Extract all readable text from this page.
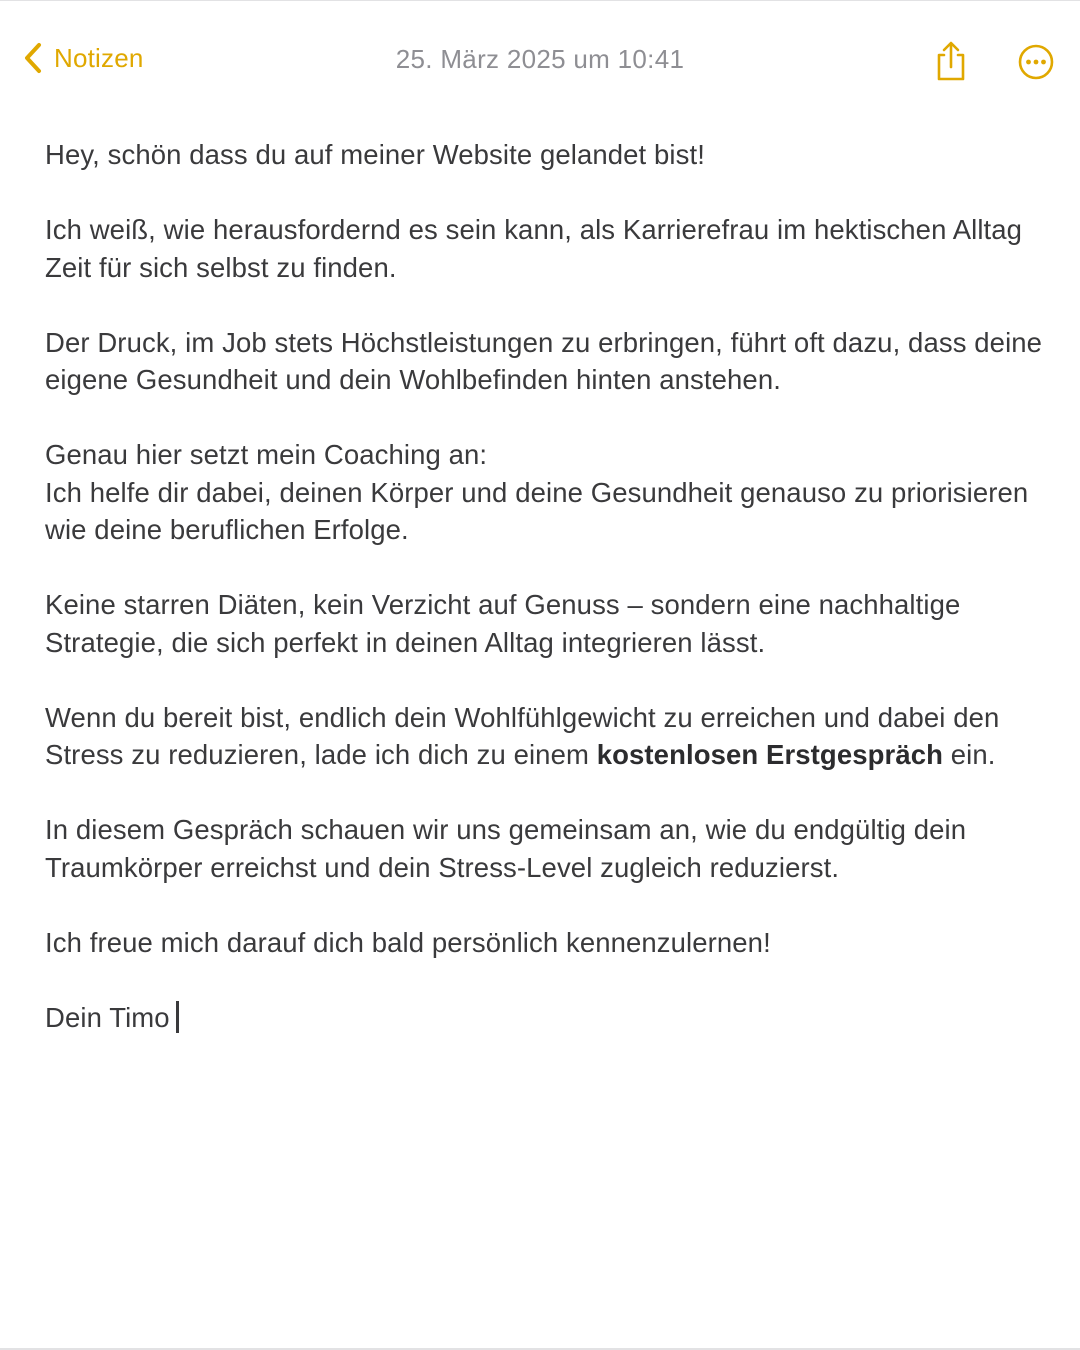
Notizen	25. März 2025 um 10:41

Hey, schön dass du auf meiner Website gelandet bist!

Ich weiß, wie herausfordernd es sein kann, als Karrierefrau im hektischen Alltag Zeit für sich selbst zu finden.

Der Druck, im Job stets Höchstleistungen zu erbringen, führt oft dazu, dass deine eigene Gesundheit und dein Wohlbefinden hinten anstehen.

Genau hier setzt mein Coaching an:

Ich helfe dir dabei, deinen Körper und deine Gesundheit genauso zu priorisieren wie deine beruflichen Erfolge.

Keine starren Diäten, kein Verzicht auf Genuss – sondern eine nachhaltige Strategie, die sich perfekt in deinen Alltag integrieren lässt.

Wenn du bereit bist, endlich dein Wohlfühlgewicht zu erreichen und dabei den Stress zu reduzieren, lade ich dich zu einem kostenlosen Erstgespräch ein.

In diesem Gespräch schauen wir uns gemeinsam an, wie du endgültig dein Traumkörper erreichst und dein Stress-Level zugleich reduzierst.

Ich freue mich darauf dich bald persönlich kennenzulernen!

Dein Timo
